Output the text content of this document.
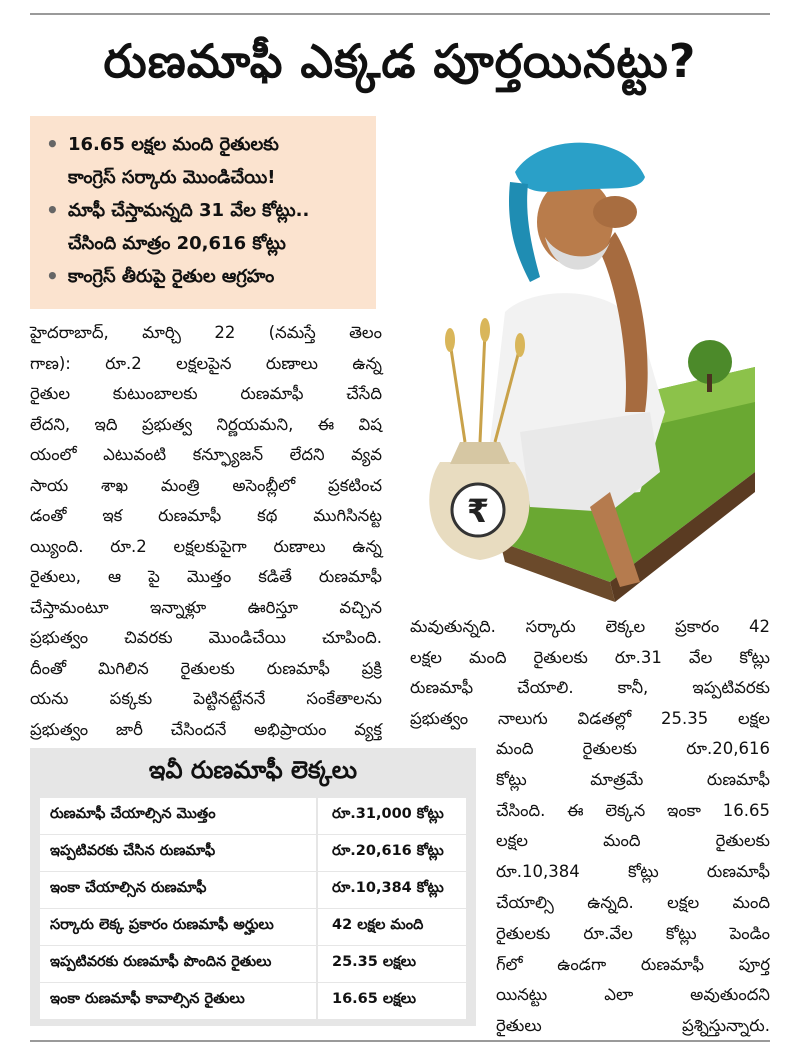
రుణమాఫీ ఎక్కడ పూర్తయినట్టు?
• 16.65 లక్షల మంది రైతులకు
కాంగ్రెస్ సర్కారు మొండిచేయి!
• మాఫీ చేస్తామన్నది 31 వేల కోట్లు..
చేసింది మాత్రం 20,616 కోట్లు
• కాంగ్రెస్ తీరుపై రైతుల ఆగ్రహం
₹
హైదరాబాద్, మార్చి 22 (నమస్తే తెలం
గాణ): రూ.2 లక్షలపైన రుణాలు ఉన్న
రైతుల కుటుంబాలకు రుణమాఫీ చేసేది
లేదని, ఇది ప్రభుత్వ నిర్ణయమని, ఈ విష
యంలో ఎటువంటి కన్ఫ్యూజన్ లేదని వ్యవ
సాయ శాఖ మంత్రి అసెంబ్లీలో ప్రకటించ
డంతో ఇక రుణమాఫీ కథ ముగిసినట్ట
య్యింది. రూ.2 లక్షలకుపైగా రుణాలు ఉన్న
రైతులు, ఆ పై మొత్తం కడితే రుణమాఫీ
చేస్తామంటూ ఇన్నాళ్లూ ఊరిస్తూ వచ్చిన
ప్రభుత్వం చివరకు మొండిచేయి చూపింది.
దీంతో మిగిలిన రైతులకు రుణమాఫీ ప్రక్రి
యను పక్కకు పెట్టినట్టేననే సంకేతాలను
ప్రభుత్వం జారీ చేసిందనే అభిప్రాయం వ్యక్త
మవుతున్నది. సర్కారు లెక్కల ప్రకారం 42
లక్షల మంది రైతులకు రూ.31 వేల కోట్లు
రుణమాఫీ చేయాలి. కానీ, ఇప్పటివరకు
ప్రభుత్వం నాలుగు విడతల్లో 25.35 లక్షల
మంది రైతులకు రూ.20,616
కోట్లు మాత్రమే రుణమాఫీ
చేసింది. ఈ లెక్కన ఇంకా 16.65
లక్షల మంది రైతులకు
రూ.10,384 కోట్లు రుణమాఫీ
చేయాల్సి ఉన్నది. లక్షల మంది
రైతులకు రూ.వేల కోట్లు పెండిం
గ్‌లో ఉండగా రుణమాఫీ పూర్త
యినట్టు ఎలా అవుతుందని
రైతులు ప్రశ్నిస్తున్నారు.
ఇవీ రుణమాఫీ లెక్కలు
రుణమాఫీ చేయాల్సిన మొత్తం	రూ.31,000 కోట్లు
ఇప్పటివరకు చేసిన రుణమాఫీ	రూ.20,616 కోట్లు
ఇంకా చేయాల్సిన రుణమాఫీ	రూ.10,384 కోట్లు
సర్కారు లెక్క ప్రకారం రుణమాఫీ అర్హులు	42 లక్షల మంది
ఇప్పటివరకు రుణమాఫీ పొందిన రైతులు	25.35 లక్షలు
ఇంకా రుణమాఫీ కావాల్సిన రైతులు	16.65 లక్షలు
